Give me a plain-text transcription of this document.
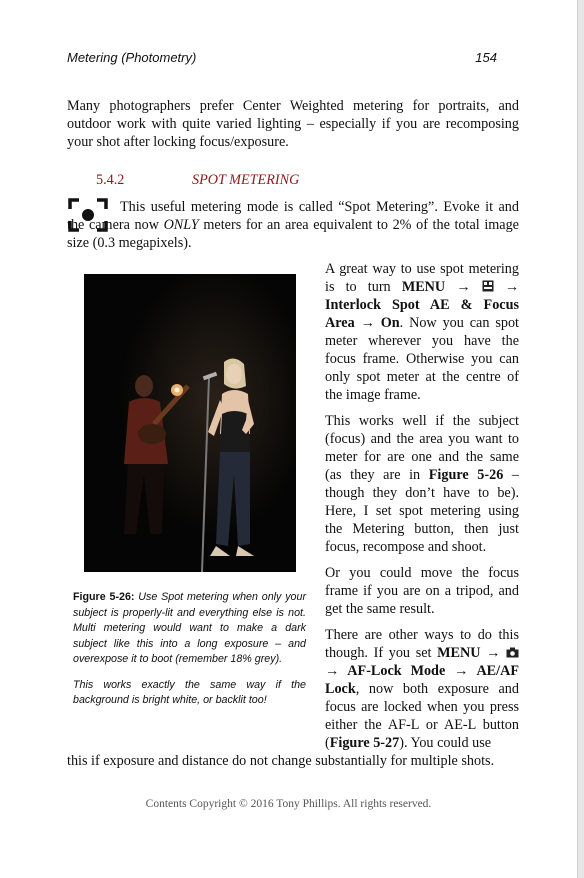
Metering (Photometry)	154

Many photographers prefer Center Weighted metering for portraits, and outdoor work with quite varied lighting – especially if you are recomposing your shot after locking focus/exposure.

5.4.2	SPOT METERING

This useful metering mode is called “Spot Metering”. Evoke it and the camera now ONLY meters for an area equivalent to 2% of the total image size (0.3 megapixels).

Figure 5-26: Use Spot metering when only your subject is properly-lit and everything else is not. Multi metering would want to make a dark subject like this into a long exposure – and overexpose it to boot (remember 18% grey).

This works exactly the same way if the background is bright white, or backlit too!

A great way to use spot metering is to turn MENU →  → Interlock Spot AE & Focus Area → On. Now you can spot meter wherever you have the focus frame. Otherwise you can only spot meter at the centre of the image frame.

This works well if the subject (focus) and the area you want to meter for are one and the same (as they are in Figure 5-26 – though they don’t have to be). Here, I set spot metering using the Metering button, then just focus, recompose and shoot.

Or you could move the focus frame if you are on a tripod, and get the same result.

There are other ways to do this though. If you set MENU →  → AF-Lock Mode → AE/AF Lock, now both exposure and focus are locked when you press either the AF-L or AE-L button (Figure 5-27). You could use

this if exposure and distance do not change substantially for multiple shots.

Contents Copyright © 2016 Tony Phillips. All rights reserved.
